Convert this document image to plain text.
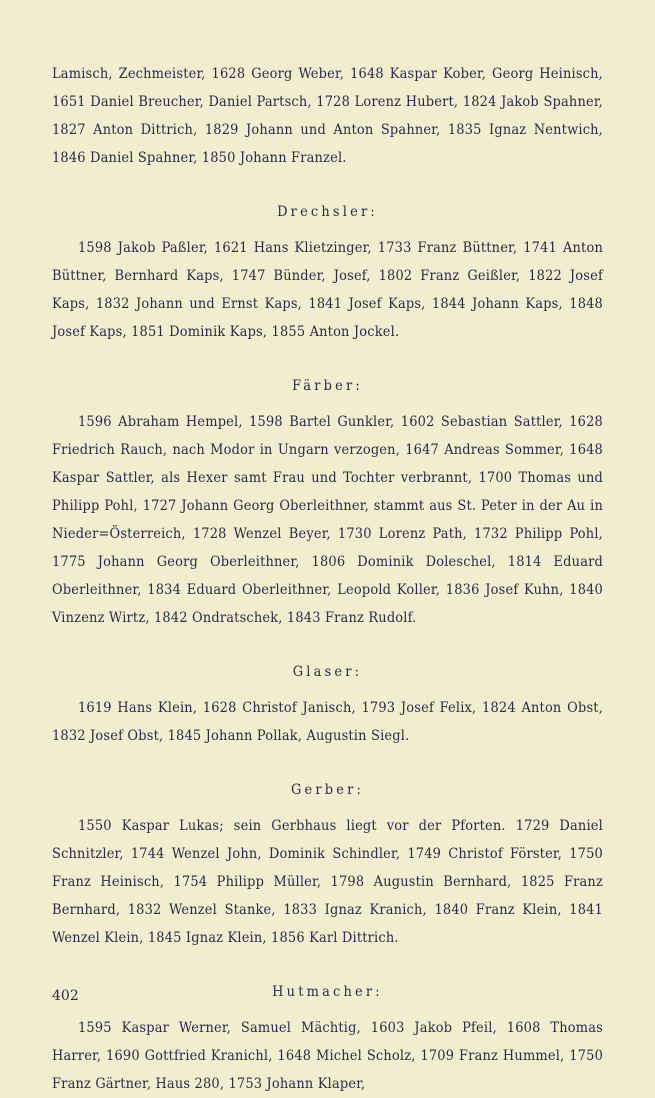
Lamisch, Zechmeister, 1628 Georg Weber, 1648 Kaspar Kober, Georg Heinisch, 1651 Daniel Breucher, Daniel Partsch, 1728 Lorenz Hubert, 1824 Jakob Spahner, 1827 Anton Dittrich, 1829 Johann und Anton Spahner, 1835 Ignaz Nentwich, 1846 Daniel Spahner, 1850 Johann Franzel.

Drechsler:

1598 Jakob Paßler, 1621 Hans Klietzinger, 1733 Franz Büttner, 1741 Anton Büttner, Bernhard Kaps, 1747 Bünder, Josef, 1802 Franz Geißler, 1822 Josef Kaps, 1832 Johann und Ernst Kaps, 1841 Josef Kaps, 1844 Johann Kaps, 1848 Josef Kaps, 1851 Dominik Kaps, 1855 Anton Jockel.

Färber:

1596 Abraham Hempel, 1598 Bartel Gunkler, 1602 Sebastian Sattler, 1628 Friedrich Rauch, nach Modor in Ungarn verzogen, 1647 Andreas Sommer, 1648 Kaspar Sattler, als Hexer samt Frau und Tochter verbrannt, 1700 Thomas und Philipp Pohl, 1727 Johann Georg Oberleithner, stammt aus St. Peter in der Au in Nieder=Österreich, 1728 Wenzel Beyer, 1730 Lorenz Path, 1732 Philipp Pohl, 1775 Johann Georg Oberleithner, 1806 Dominik Doleschel, 1814 Eduard Oberleithner, 1834 Eduard Oberleithner, Leopold Koller, 1836 Josef Kuhn, 1840 Vinzenz Wirtz, 1842 Ondratschek, 1843 Franz Rudolf.

Glaser:

1619 Hans Klein, 1628 Christof Janisch, 1793 Josef Felix, 1824 Anton Obst, 1832 Josef Obst, 1845 Johann Pollak, Augustin Siegl.

Gerber:

1550 Kaspar Lukas; sein Gerbhaus liegt vor der Pforten. 1729 Daniel Schnitzler, 1744 Wenzel John, Dominik Schindler, 1749 Christof Förster, 1750 Franz Heinisch, 1754 Philipp Müller, 1798 Augustin Bernhard, 1825 Franz Bernhard, 1832 Wenzel Stanke, 1833 Ignaz Kranich, 1840 Franz Klein, 1841 Wenzel Klein, 1845 Ignaz Klein, 1856 Karl Dittrich.

Hutmacher:

1595 Kaspar Werner, Samuel Mächtig, 1603 Jakob Pfeil, 1608 Thomas Harrer, 1690 Gottfried Kranichl, 1648 Michel Scholz, 1709 Franz Hummel, 1750 Franz Gärtner, Haus 280, 1753 Johann Klaper,

402
